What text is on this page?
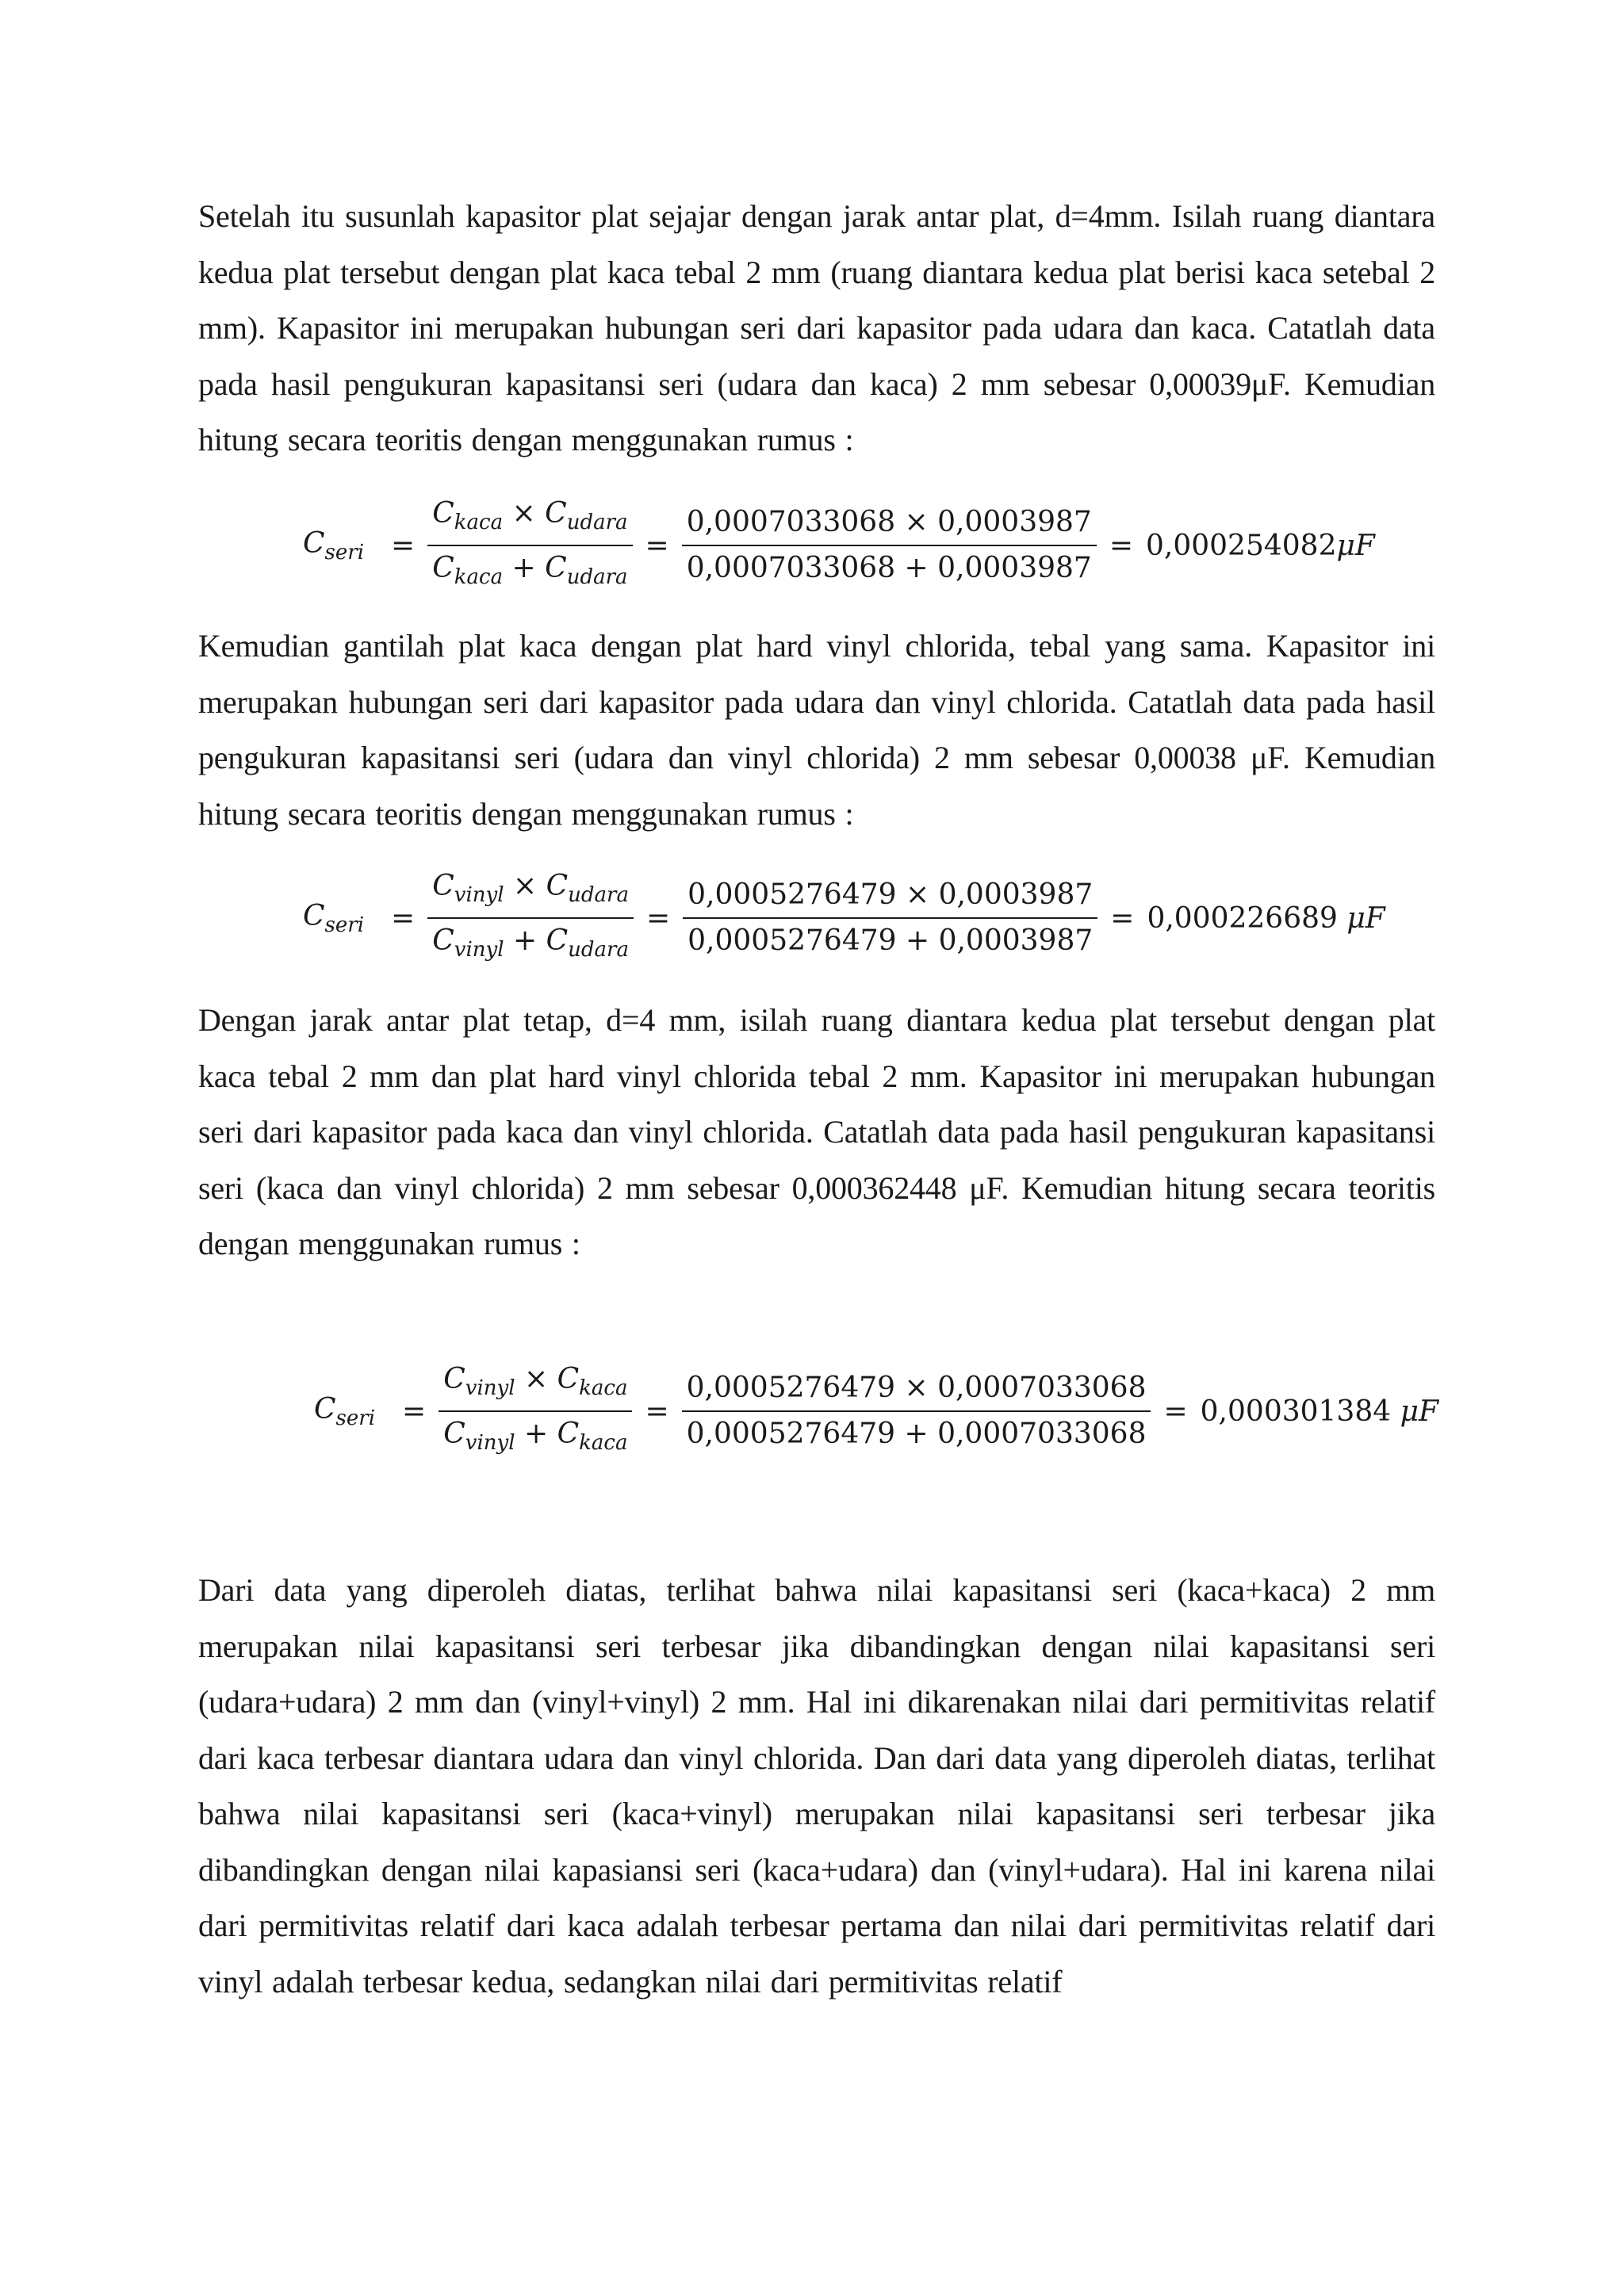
Setelah itu susunlah kapasitor plat sejajar dengan jarak antar plat, d=4mm. Isilah ruang diantara kedua plat tersebut dengan plat kaca tebal 2 mm (ruang diantara kedua plat berisi kaca setebal 2 mm). Kapasitor ini merupakan hubungan seri dari kapasitor pada udara dan kaca. Catatlah data pada hasil pengukuran kapasitansi seri (udara dan kaca) 2 mm sebesar 0,00039μF. Kemudian hitung secara teoritis dengan menggunakan rumus :

$C_{seri} = \frac{C_{kaca} \times C_{udara}}{C_{kaca} + C_{udara}} = \frac{0,0007033068 \times 0,0003987}{0,0007033068 + 0,0003987} = 0,000254082$ μF

Kemudian gantilah plat kaca dengan plat hard vinyl chlorida, tebal yang sama. Kapasitor ini merupakan hubungan seri dari kapasitor pada udara dan vinyl chlorida. Catatlah data pada hasil pengukuran kapasitansi seri (udara dan vinyl chlorida) 2 mm sebesar 0,00038 μF. Kemudian hitung secara teoritis dengan menggunakan rumus :

$C_{seri} = \frac{C_{vinyl} \times C_{udara}}{C_{vinyl} + C_{udara}} = \frac{0,0005276479 \times 0,0003987}{0,0005276479 + 0,0003987} = 0,000226689$
μF

Dengan jarak antar plat tetap, d=4 mm, isilah ruang diantara kedua plat tersebut dengan plat kaca tebal 2 mm dan plat hard vinyl chlorida tebal 2 mm. Kapasitor ini merupakan hubungan seri dari kapasitor pada kaca dan vinyl chlorida. Catatlah data pada hasil pengukuran kapasitansi seri (kaca dan vinyl chlorida) 2 mm sebesar 0,000362448 μF. Kemudian hitung secara teoritis dengan menggunakan rumus :

$C_{seri} = \frac{C_{vinyl} \times C_{kaca}}{C_{vinyl} + C_{kaca}} = \frac{0,0005276479 \times 0,0007033068}{0,0005276479 + 0,0007033068} = 0,000301384$
μF

Dari data yang diperoleh diatas, terlihat bahwa nilai kapasitansi seri (kaca+kaca) 2 mm merupakan nilai kapasitansi seri terbesar jika dibandingkan dengan nilai kapasitansi seri (udara+udara) 2 mm dan (vinyl+vinyl) 2 mm. Hal ini dikarenakan nilai dari permitivitas relatif dari kaca terbesar diantara udara dan vinyl chlorida. Dan dari data yang diperoleh diatas, terlihat bahwa nilai kapasitansi seri (kaca+vinyl) merupakan nilai kapasitansi seri terbesar jika dibandingkan dengan nilai kapasiansi seri (kaca+udara) dan (vinyl+udara). Hal ini karena nilai dari permitivitas relatif dari kaca adalah terbesar pertama dan nilai dari permitivitas relatif dari vinyl adalah terbesar kedua, sedangkan nilai dari permitivitas relatif
